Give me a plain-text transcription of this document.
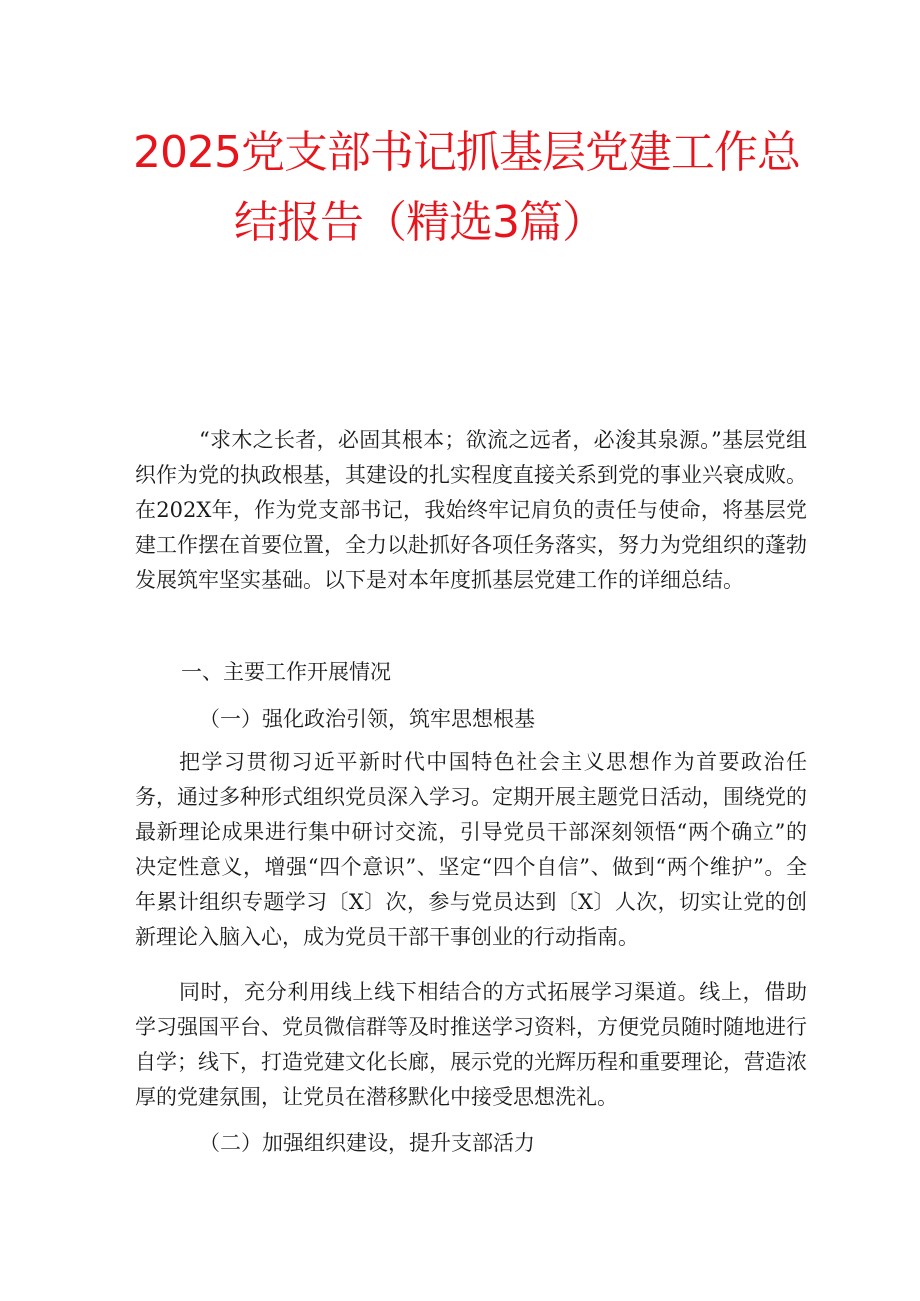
2025党支部书记抓基层党建工作总
结报告（精选3篇）

“求木之长者，必固其根本；欲流之远者，必浚其泉源。”基层党组织作为党的执政根基，其建设的扎实程度直接关系到党的事业兴衰成败。在202X年，作为党支部书记，我始终牢记肩负的责任与使命，将基层党建工作摆在首要位置，全力以赴抓好各项任务落实，努力为党组织的蓬勃发展筑牢坚实基础。以下是对本年度抓基层党建工作的详细总结。

一、主要工作开展情况

（一）强化政治引领，筑牢思想根基

把学习贯彻习近平新时代中国特色社会主义思想作为首要政治任务，通过多种形式组织党员深入学习。定期开展主题党日活动，围绕党的最新理论成果进行集中研讨交流，引导党员干部深刻领悟“两个确立”的决定性意义，增强“四个意识”、坚定“四个自信”、做到“两个维护”。全年累计组织专题学习〔X〕次，参与党员达到〔X〕人次，切实让党的创新理论入脑入心，成为党员干部干事创业的行动指南。

同时，充分利用线上线下相结合的方式拓展学习渠道。线上，借助学习强国平台、党员微信群等及时推送学习资料，方便党员随时随地进行自学；线下，打造党建文化长廊，展示党的光辉历程和重要理论，营造浓厚的党建氛围，让党员在潜移默化中接受思想洗礼。

（二）加强组织建设，提升支部活力
